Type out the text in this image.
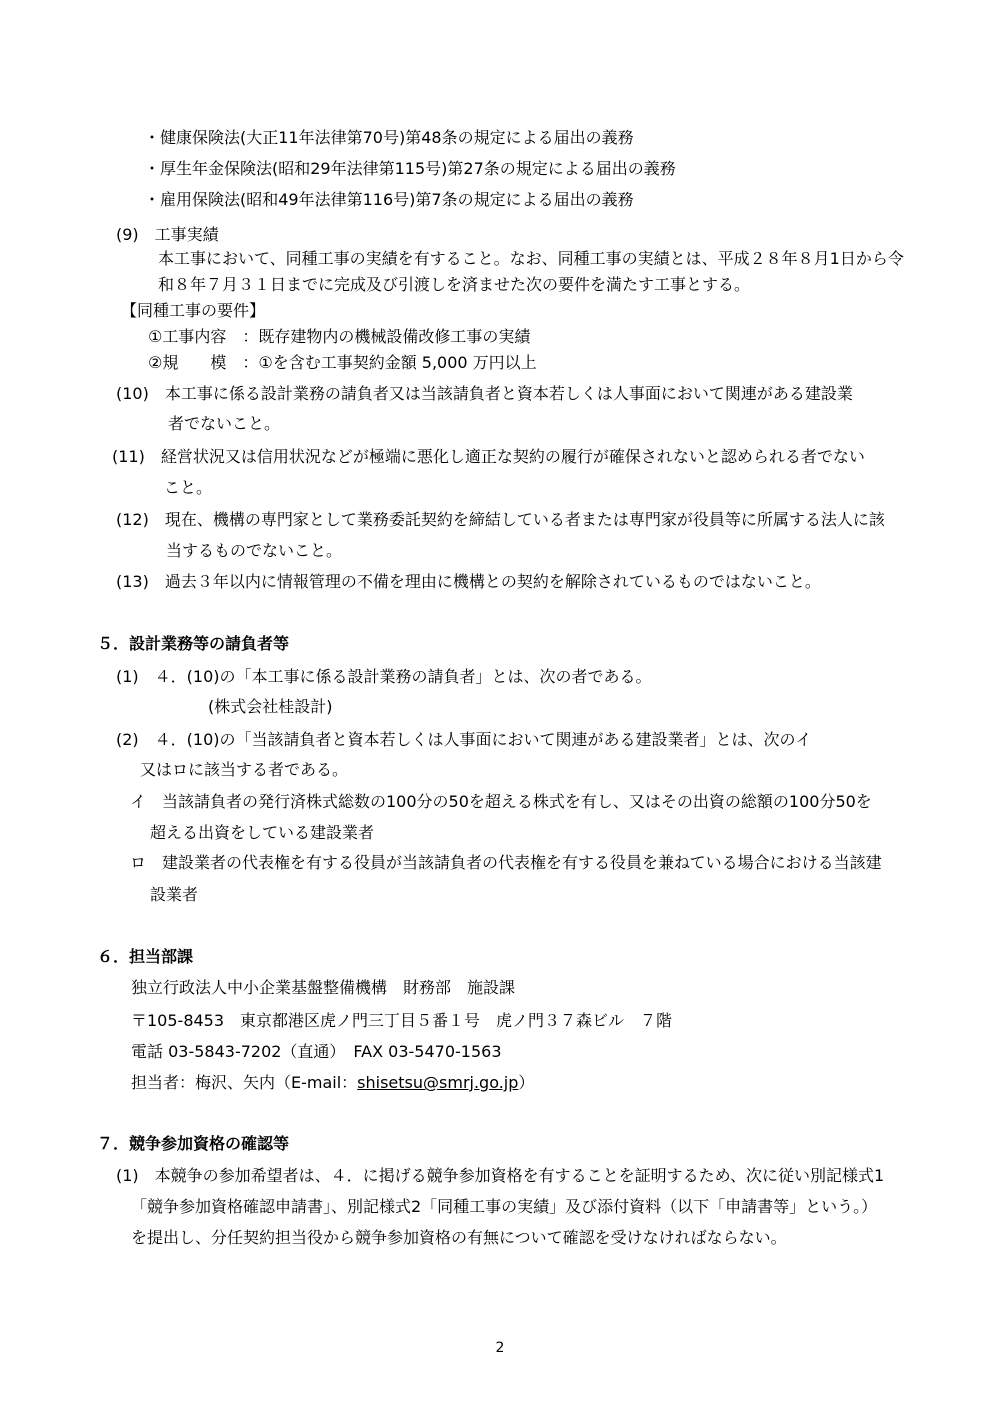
・健康保険法(大正11年法律第70号)第48条の規定による届出の義務
・厚生年金保険法(昭和29年法律第115号)第27条の規定による届出の義務
・雇用保険法(昭和49年法律第116号)第7条の規定による届出の義務
(9)　工事実績
本工事において、同種工事の実績を有すること。なお、同種工事の実績とは、平成２８年８月1日から令
和８年７月３１日までに完成及び引渡しを済ませた次の要件を満たす工事とする。
【同種工事の要件】
①工事内容　：既存建物内の機械設備改修工事の実績
②規　　模　：①を含む工事契約金額 5,000 万円以上
(10)　本工事に係る設計業務の請負者又は当該請負者と資本若しくは人事面において関連がある建設業
者でないこと。
(11)　経営状況又は信用状況などが極端に悪化し適正な契約の履行が確保されないと認められる者でない
こと。
(12)　現在、機構の専門家として業務委託契約を締結している者または専門家が役員等に所属する法人に該
当するものでないこと。
(13)　過去３年以内に情報管理の不備を理由に機構との契約を解除されているものではないこと。
５．設計業務等の請負者等
(1)　４．(10)の「本工事に係る設計業務の請負者」とは、次の者である。
(株式会社桂設計)
(2)　４．(10)の「当該請負者と資本若しくは人事面において関連がある建設業者」とは、次のイ
又はロに該当する者である。
イ　当該請負者の発行済株式総数の100分の50を超える株式を有し、又はその出資の総額の100分50を
超える出資をしている建設業者
ロ　建設業者の代表権を有する役員が当該請負者の代表権を有する役員を兼ねている場合における当該建
設業者
６．担当部課
独立行政法人中小企業基盤整備機構　財務部　施設課
〒105-8453　東京都港区虎ノ門三丁目５番１号　虎ノ門３７森ビル　７階
電話 03-5843-7202（直通）　FAX 03-5470-1563
担当者：梅沢、矢内（E-mail：shisetsu@smrj.go.jp）
７．競争参加資格の確認等
(1)　本競争の参加希望者は、４．に掲げる競争参加資格を有することを証明するため、次に従い別記様式1
「競争参加資格確認申請書」、別記様式2「同種工事の実績」及び添付資料（以下「申請書等」という。）
を提出し、分任契約担当役から競争参加資格の有無について確認を受けなければならない。
2
